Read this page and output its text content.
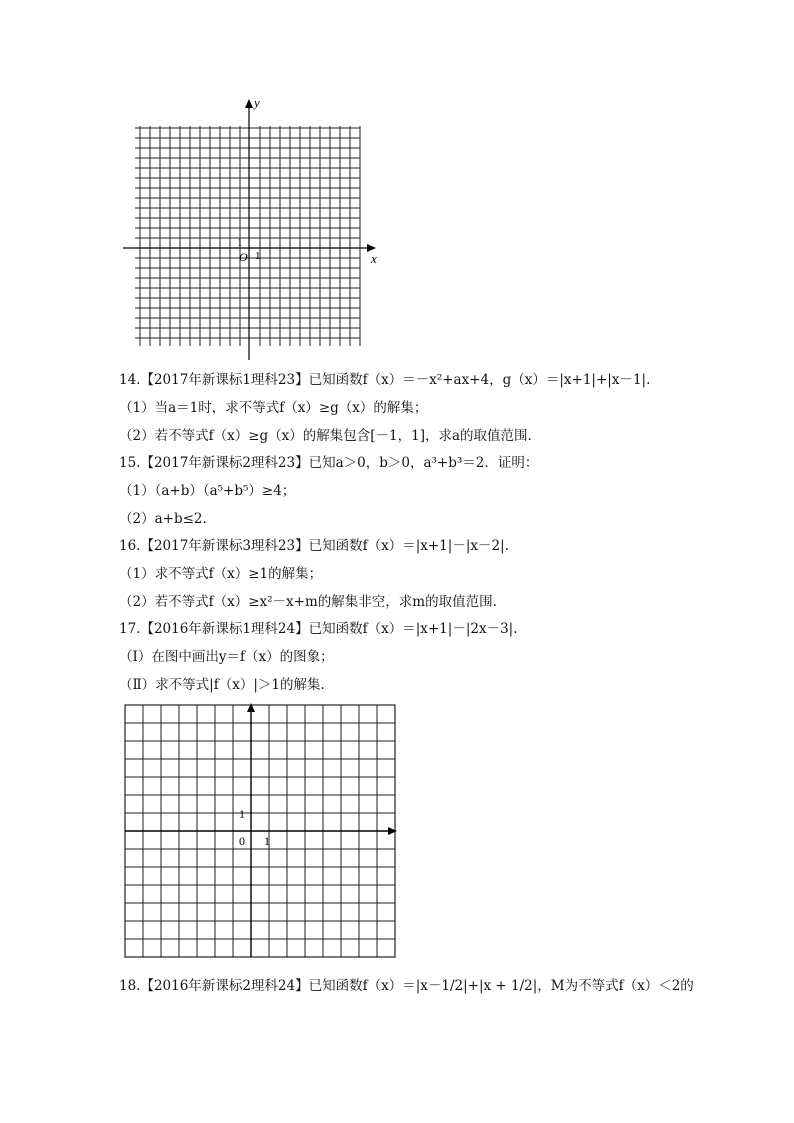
y
x
O 1
1
14.【2017年新课标1理科23】已知函数f（x）＝－x²+ax+4，g（x）＝|x+1|+|x－1|.
（1）当a＝1时，求不等式f（x）≥g（x）的解集；
（2）若不等式f（x）≥g（x）的解集包含[－1，1]，求a的取值范围.
15.【2017年新课标2理科23】已知a＞0，b＞0，a³+b³＝2．证明：
（1）（a+b）（a⁵+b⁵）≥4；
（2）a+b≤2.
16.【2017年新课标3理科23】已知函数f（x）＝|x+1|－|x－2|.
（1）求不等式f（x）≥1的解集；
（2）若不等式f（x）≥x²－x+m的解集非空，求m的取值范围.
17.【2016年新课标1理科24】已知函数f（x）＝|x+1|－|2x－3|.
（Ⅰ）在图中画出y＝f（x）的图象；
（Ⅱ）求不等式|f（x）|＞1的解集.
0 1
1
18.【2016年新课标2理科24】已知函数f（x）＝|x－1/2|+|x + 1/2|，M为不等式f（x）＜2的
